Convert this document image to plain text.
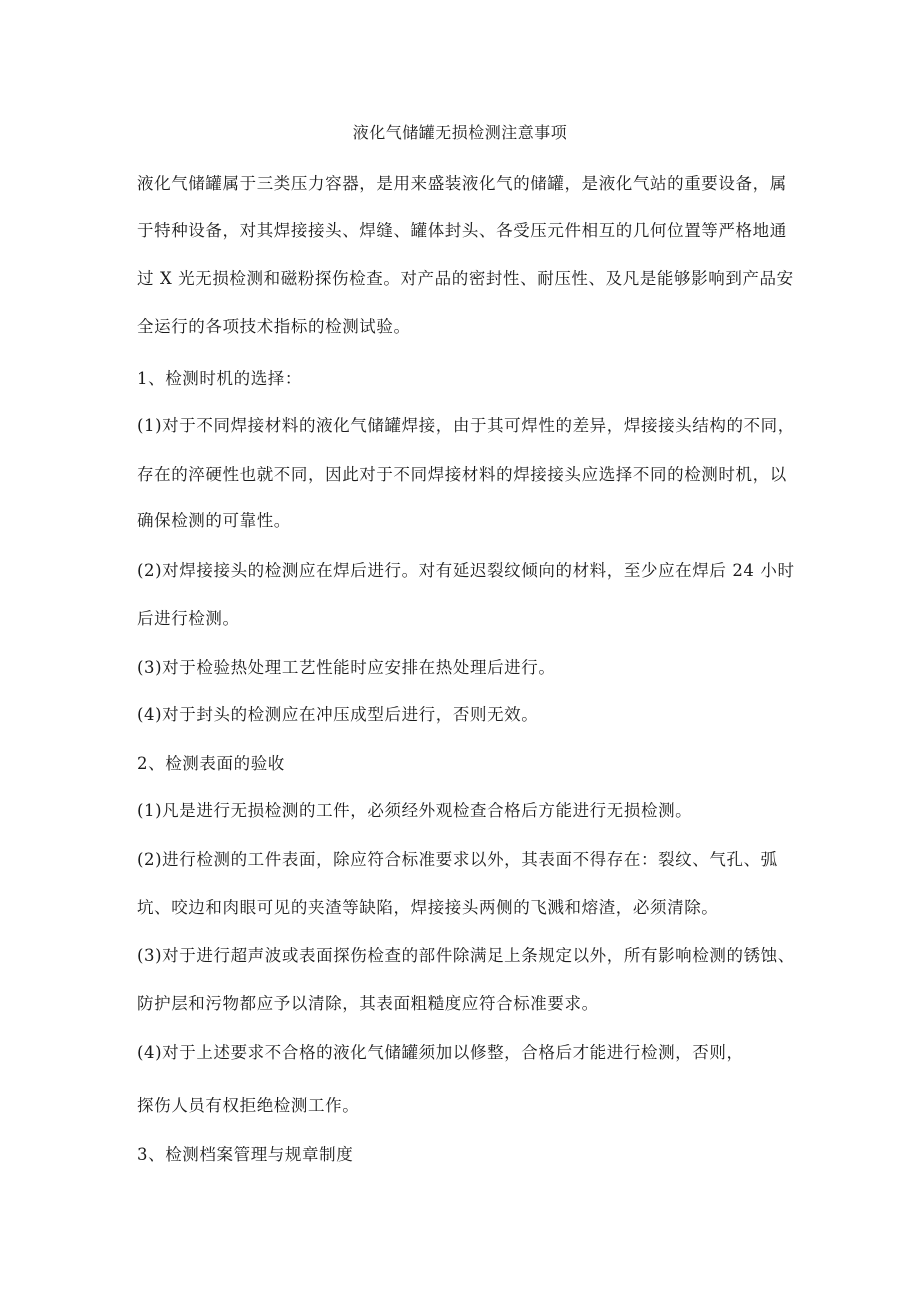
液化气储罐无损检测注意事项
液化气储罐属于三类压力容器，是用来盛装液化气的储罐，是液化气站的重要设备，属
于特种设备，对其焊接接头、焊缝、罐体封头、各受压元件相互的几何位置等严格地通
过 X 光无损检测和磁粉探伤检查。对产品的密封性、耐压性、及凡是能够影响到产品安
全运行的各项技术指标的检测试验。
1、检测时机的选择：
(1)对于不同焊接材料的液化气储罐焊接，由于其可焊性的差异，焊接接头结构的不同，
存在的淬硬性也就不同，因此对于不同焊接材料的焊接接头应选择不同的检测时机，以
确保检测的可靠性。
(2)对焊接接头的检测应在焊后进行。对有延迟裂纹倾向的材料，至少应在焊后 24 小时
后进行检测。
(3)对于检验热处理工艺性能时应安排在热处理后进行。
(4)对于封头的检测应在冲压成型后进行，否则无效。
2、检测表面的验收
(1)凡是进行无损检测的工件，必须经外观检查合格后方能进行无损检测。
(2)进行检测的工件表面，除应符合标准要求以外，其表面不得存在：裂纹、气孔、弧
坑、咬边和肉眼可见的夹渣等缺陷，焊接接头两侧的飞溅和熔渣，必须清除。
(3)对于进行超声波或表面探伤检查的部件除满足上条规定以外，所有影响检测的锈蚀、
防护层和污物都应予以清除，其表面粗糙度应符合标准要求。
(4)对于上述要求不合格的液化气储罐须加以修整，合格后才能进行检测，否则，
探伤人员有权拒绝检测工作。
3、检测档案管理与规章制度
